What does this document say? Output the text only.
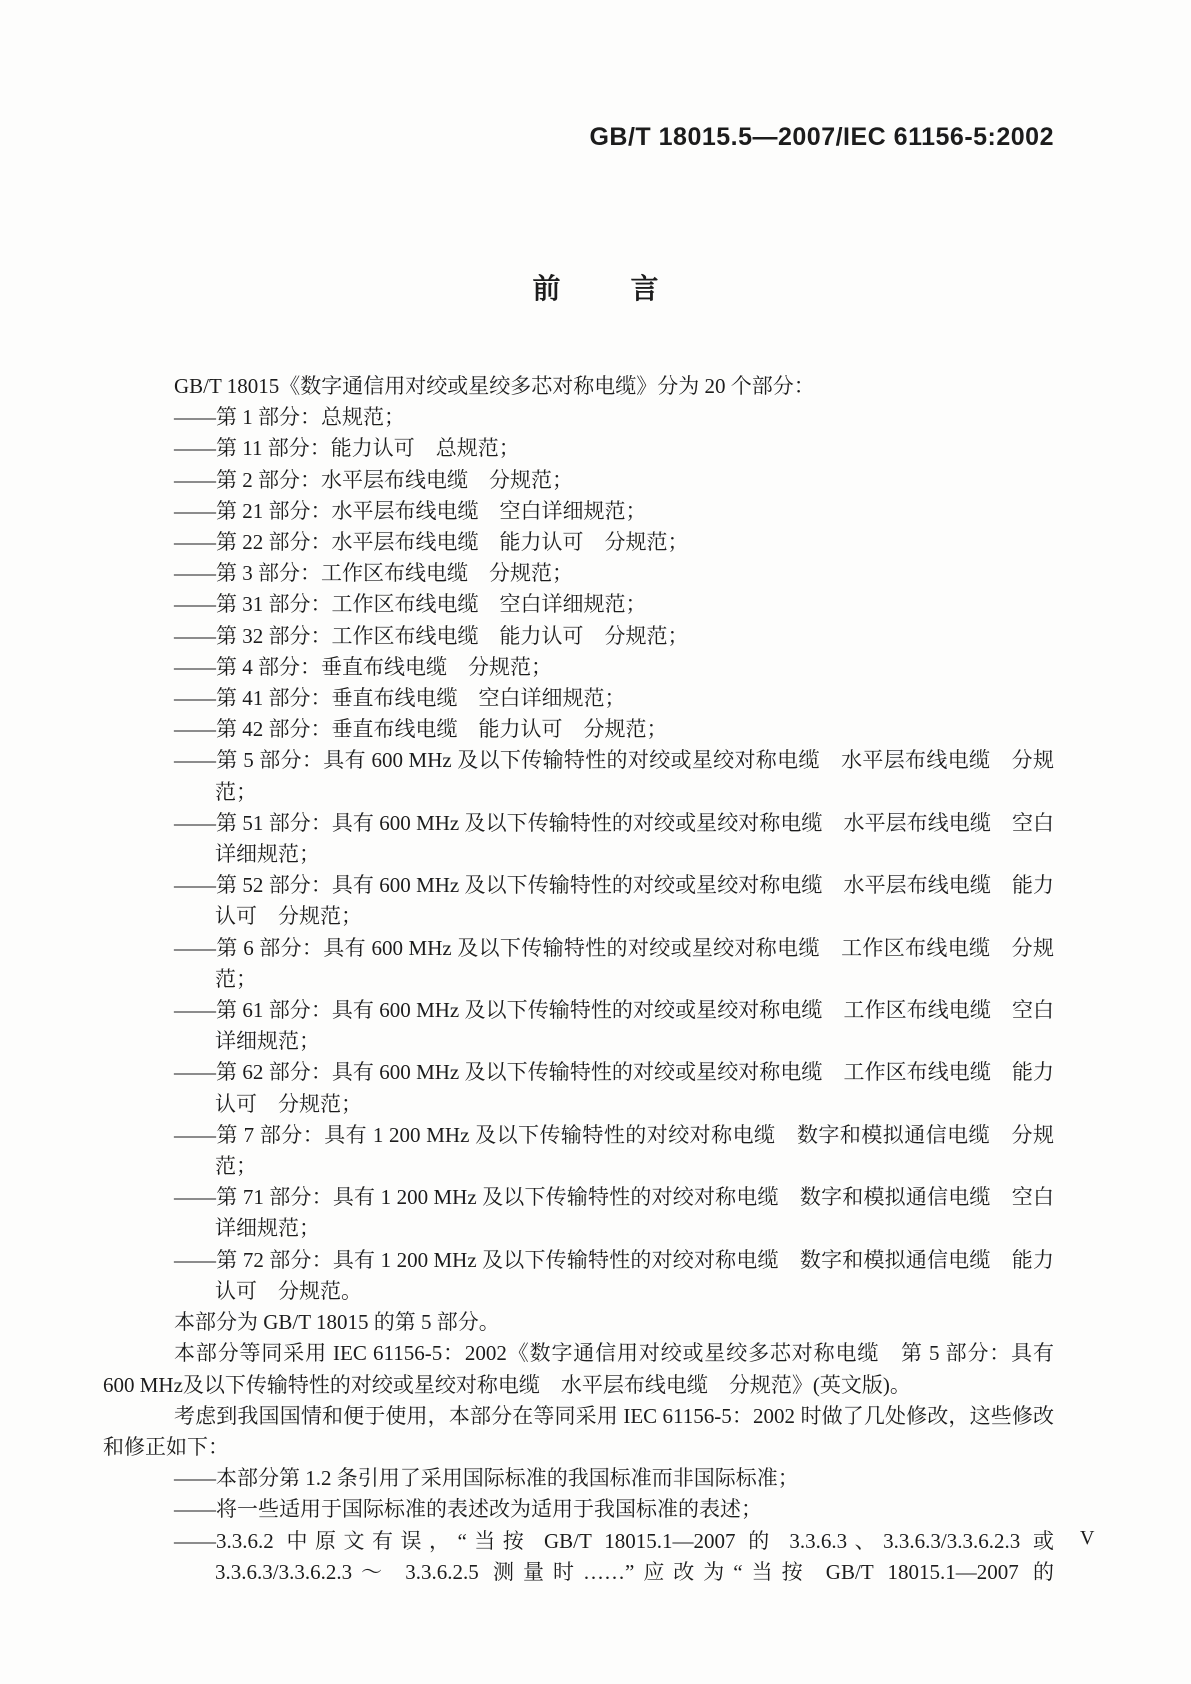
GB/T 18015.5—2007/IEC 61156-5:2002
前	言

GB/T 18015《数字通信用对绞或星绞多芯对称电缆》分为 20 个部分：

——第 1 部分：总规范；
——第 11 部分：能力认可　总规范；
——第 2 部分：水平层布线电缆　分规范；
——第 21 部分：水平层布线电缆　空白详细规范；
——第 22 部分：水平层布线电缆　能力认可　分规范；
——第 3 部分：工作区布线电缆　分规范；
——第 31 部分：工作区布线电缆　空白详细规范；
——第 32 部分：工作区布线电缆　能力认可　分规范；
——第 4 部分：垂直布线电缆　分规范；
——第 41 部分：垂直布线电缆　空白详细规范；
——第 42 部分：垂直布线电缆　能力认可　分规范；
——第 5 部分：具有 600 MHz 及以下传输特性的对绞或星绞对称电缆　水平层布线电缆　分规范；
——第 51 部分：具有 600 MHz 及以下传输特性的对绞或星绞对称电缆　水平层布线电缆　空白详细规范；
——第 52 部分：具有 600 MHz 及以下传输特性的对绞或星绞对称电缆　水平层布线电缆　能力认可　分规范；
——第 6 部分：具有 600 MHz 及以下传输特性的对绞或星绞对称电缆　工作区布线电缆　分规范；
——第 61 部分：具有 600 MHz 及以下传输特性的对绞或星绞对称电缆　工作区布线电缆　空白详细规范；
——第 62 部分：具有 600 MHz 及以下传输特性的对绞或星绞对称电缆　工作区布线电缆　能力认可　分规范；
——第 7 部分：具有 1 200 MHz 及以下传输特性的对绞对称电缆　数字和模拟通信电缆　分规范；
——第 71 部分：具有 1 200 MHz 及以下传输特性的对绞对称电缆　数字和模拟通信电缆　空白详细规范；
——第 72 部分：具有 1 200 MHz 及以下传输特性的对绞对称电缆　数字和模拟通信电缆　能力认可　分规范。

本部分为 GB/T 18015 的第 5 部分。

本部分等同采用 IEC 61156-5：2002《数字通信用对绞或星绞多芯对称电缆　第 5 部分：具有 600 MHz及以下传输特性的对绞或星绞对称电缆　水平层布线电缆　分规范》(英文版)。

考虑到我国国情和便于使用，本部分在等同采用 IEC 61156-5：2002 时做了几处修改，这些修改和修正如下：

——本部分第 1.2 条引用了采用国际标准的我国标准而非国际标准；
——将一些适用于国际标准的表述改为适用于我国标准的表述；
——3.3.6.2 中原文有误，“当按 GB/T 18015.1—2007 的 3.3.6.3、3.3.6.3/3.3.6.2.3 或 3.3.6.3/3.3.6.2.3～ 3.3.6.2.5 测量时……”应改为“当按 GB/T 18015.1—2007 的
V
